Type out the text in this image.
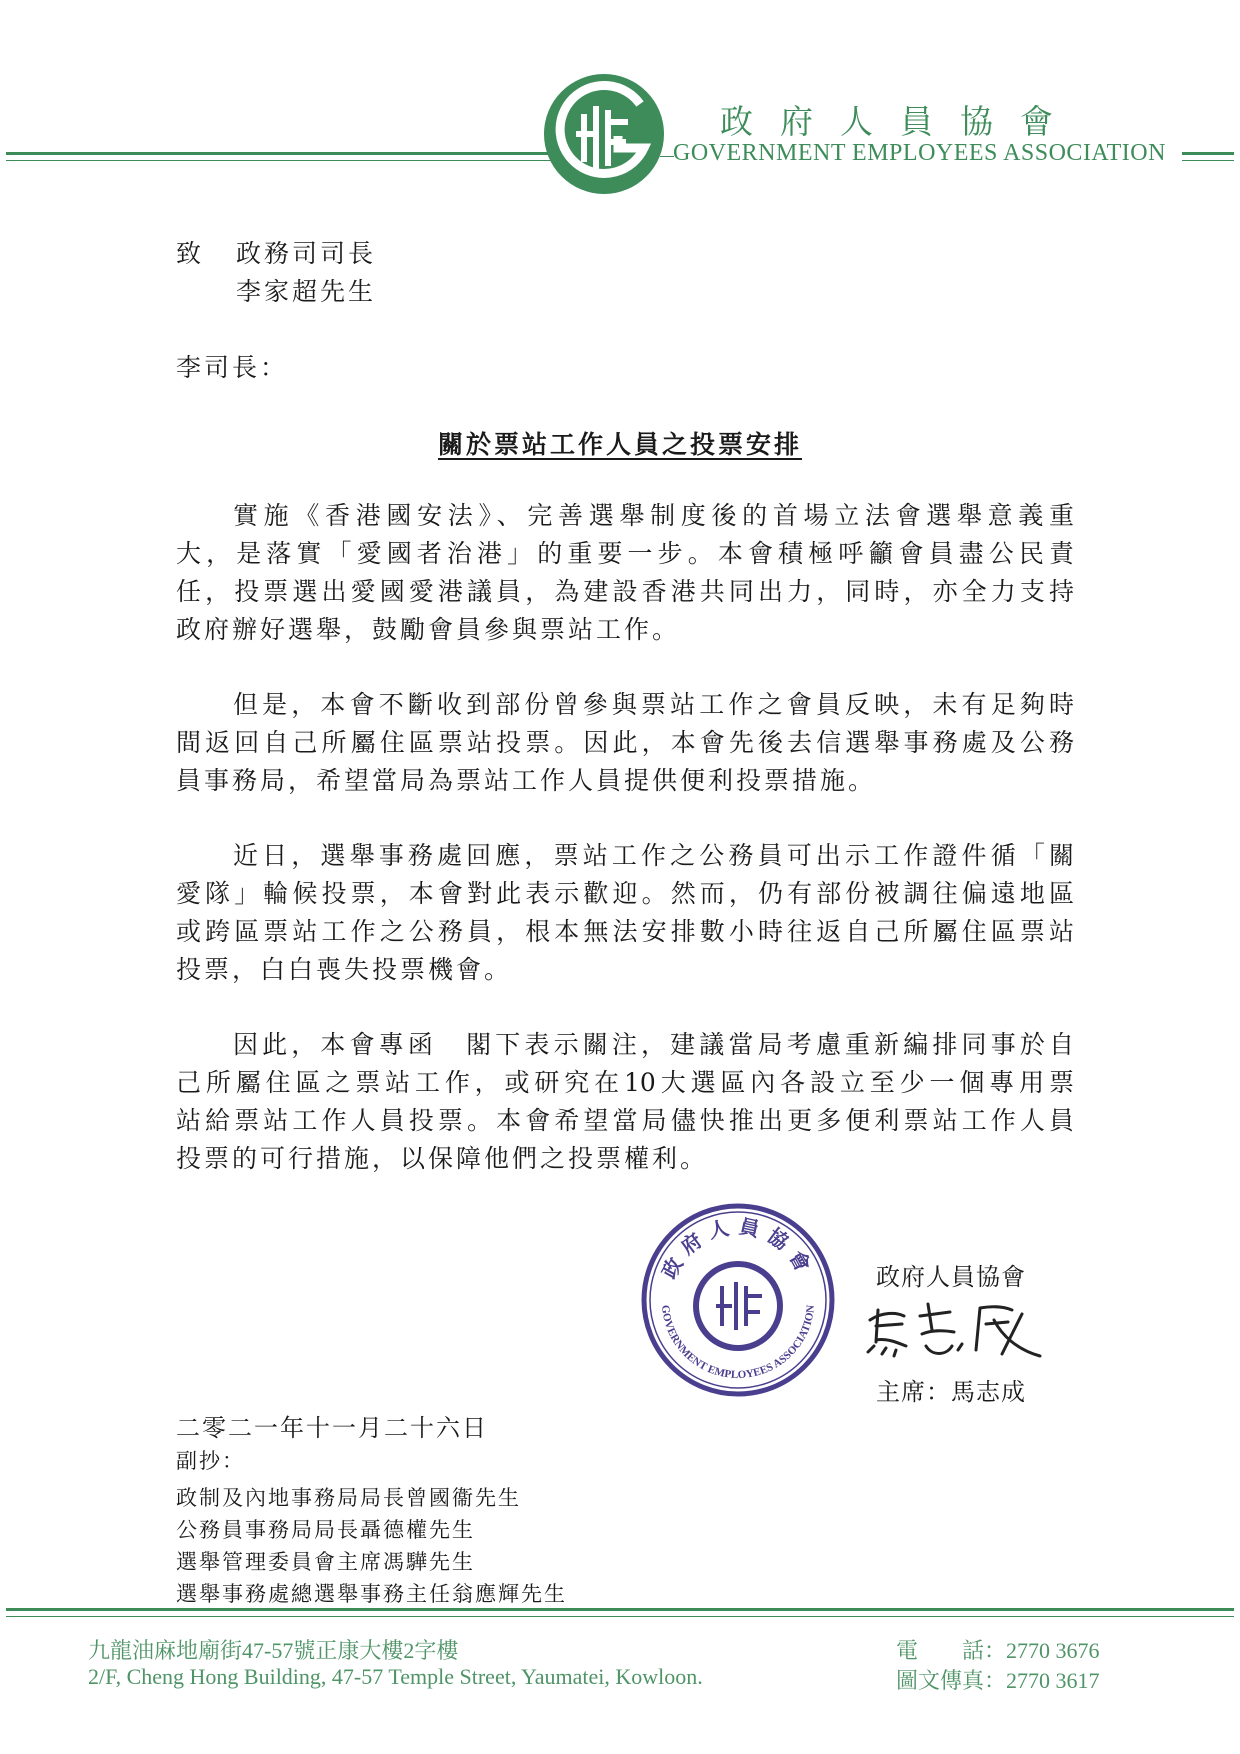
政府人員協會
GOVERNMENT EMPLOYEES ASSOCIATION
致 政務司司長
李家超先生
李司長：
關於票站工作人員之投票安排
實施《香港國安法》、完善選舉制度後的首場立法會選舉意義重
大，是落實「愛國者治港」的重要一步。本會積極呼籲會員盡公民責
任，投票選出愛國愛港議員，為建設香港共同出力，同時，亦全力支持
政府辦好選舉，鼓勵會員參與票站工作。
但是，本會不斷收到部份曾參與票站工作之會員反映，未有足夠時
間返回自己所屬住區票站投票。因此，本會先後去信選舉事務處及公務
員事務局，希望當局為票站工作人員提供便利投票措施。
近日，選舉事務處回應，票站工作之公務員可出示工作證件循「關
愛隊」輪候投票，本會對此表示歡迎。然而，仍有部份被調往偏遠地區
或跨區票站工作之公務員，根本無法安排數小時往返自己所屬住區票站
投票，白白喪失投票機會。
因此，本會專函　閣下表示關注，建議當局考慮重新編排同事於自
己所屬住區之票站工作，或研究在10大選區內各設立至少一個專用票
站給票站工作人員投票。本會希望當局儘快推出更多便利票站工作人員
投票的可行措施，以保障他們之投票權利。
政府人員協會
GOVERNMENT EMPLOYEES ASSOCIATION
政府人員協會
主席：馬志成
二零二一年十一月二十六日
副抄：
政制及內地事務局局長曾國衞先生
公務員事務局局長聶德權先生
選舉管理委員會主席馮驊先生
選舉事務處總選舉事務主任翁應輝先生
九龍油麻地廟街47-57號正康大樓2字樓
2/F, Cheng Hong Building, 47-57 Temple Street, Yaumatei, Kowloon.
電　　話：2770 3676
圖文傳真：2770 3617
